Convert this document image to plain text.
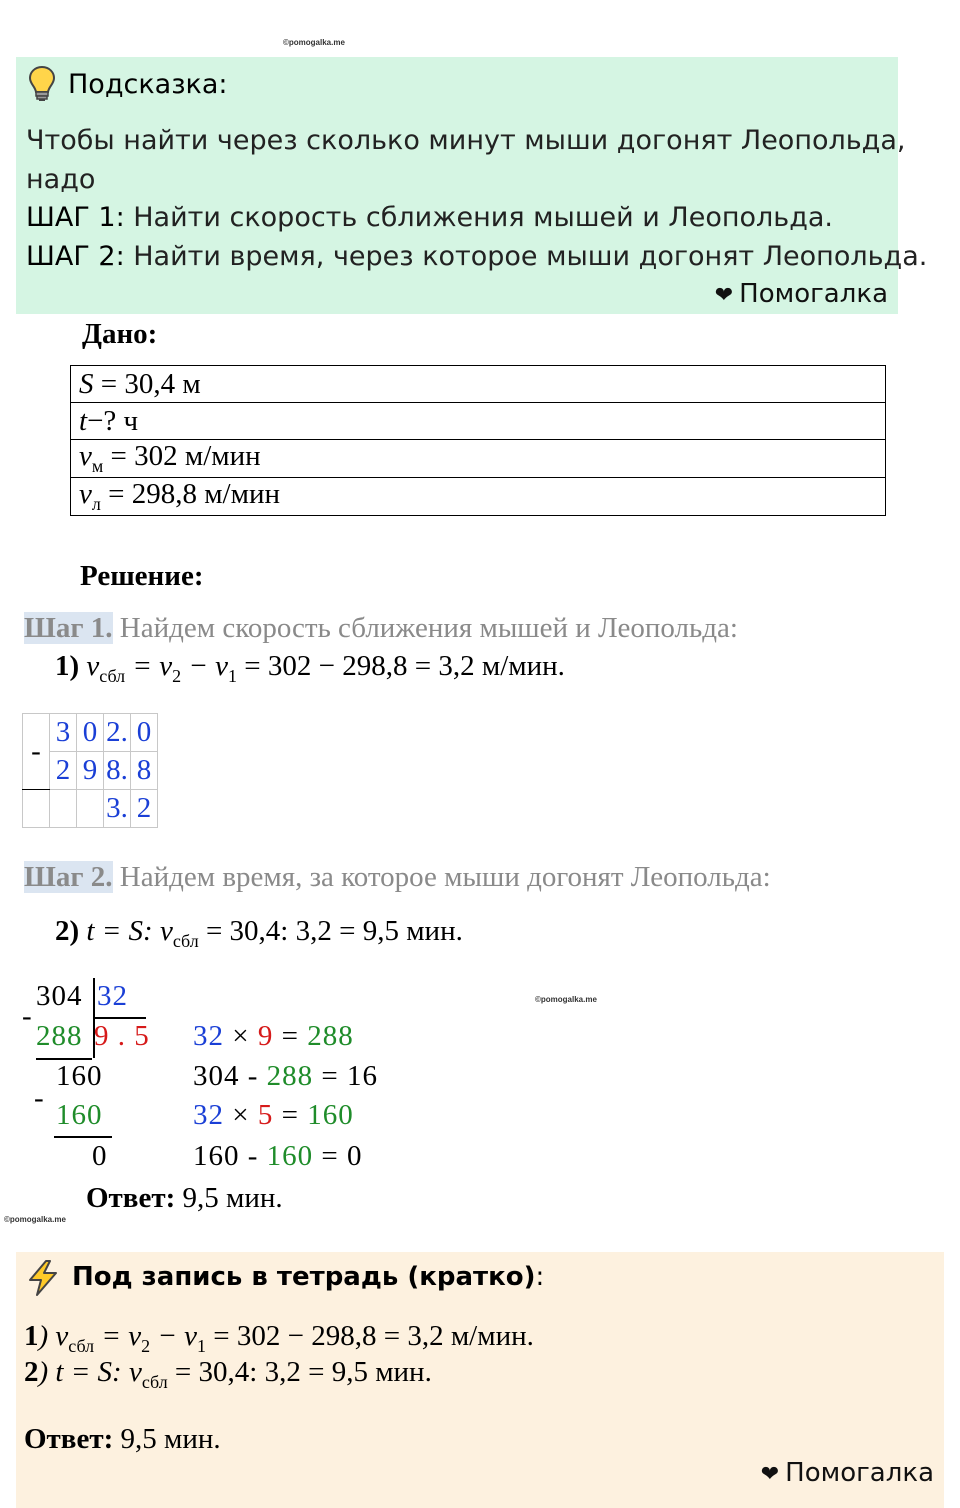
©pomogalka.me
©pomogalka.me
©pomogalka.me
Подсказка:
Чтобы найти через сколько минут мыши догонят Леопольда,
надо
ШАГ 1: Найти скорость сближения мышей и Леопольда.
ШАГ 2: Найти время, через которое мыши догонят Леопольда.
❤ Помогалка
Дано:
S = 30,4 м
t−? ч
$v_м = 302$ м/мин
$v_л = 298,8$ м/мин
Решение:
Шаг 1. Найдем скорость сближения мышей и Леопольда:
1) $v_{сбл} = v_2 - v_1 = 302 - 298,8 = 3,2$ м/мин.
-	3	0	2.	0
	2	9	8.	8
			3.	2
Шаг 2. Найдем время, за которое мыши догонят Леопольда:
2) t = S: $v_{сбл} = 30,4$: 3,2 = 9,5 мин.
304 32
-
288 9 . 5
160
-
160
0
32 × 9 = 288
304 - 288 = 16
32 × 5 = 160
160 - 160 = 0
Ответ: 9,5 мин.
Под запись в тетрадь (кратко):
1) $v_{сбл} = v_2 - v_1 = 302 - 298,8 = 3,2$ м/мин.
2) t = S: $v_{сбл} = 30,4$: 3,2 = 9,5 мин.
Ответ: 9,5 мин.
❤ Помогалка
